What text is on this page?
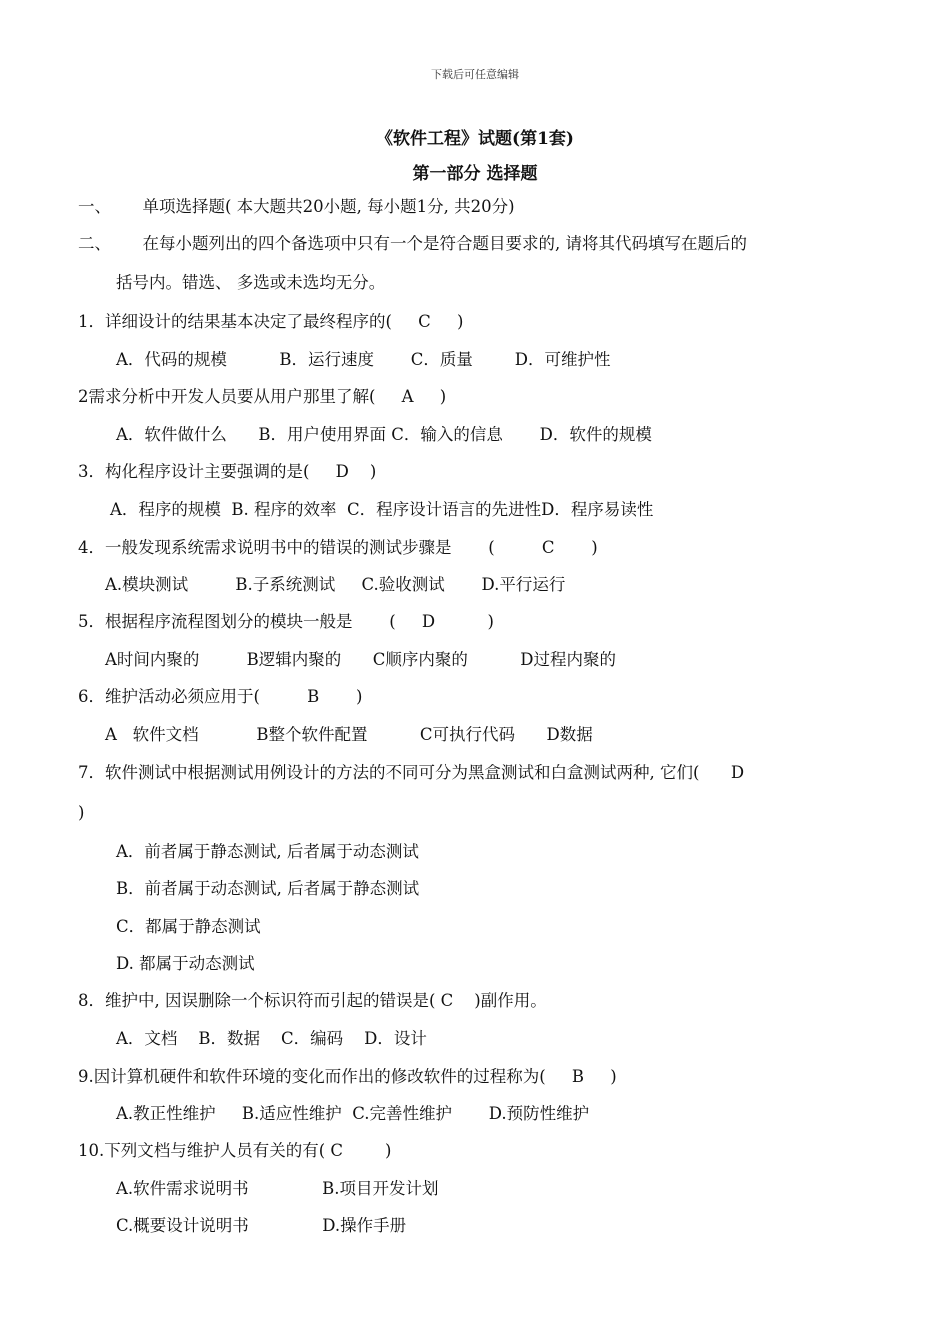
下载后可任意编辑
《软件工程》试题(第1套)
第一部分 选择题
一、      单项选择题( 本大题共20小题, 每小题1分, 共20分)
二、      在每小题列出的四个备选项中只有一个是符合题目要求的, 请将其代码填写在题后的
括号内。错选、 多选或未选均无分。
1．详细设计的结果基本决定了最终程序的(     C     )
A．代码的规模          B．运行速度       C．质量        D．可维护性
2需求分析中开发人员要从用户那里了解(     A     )
A．软件做什么      B．用户使用界面 C．输入的信息       D．软件的规模
3．构化程序设计主要强调的是(     D    )
A．程序的规模  B. 程序的效率  C．程序设计语言的先进性D．程序易读性
4．一般发现系统需求说明书中的错误的测试步骤是       (         C       )
A.模块测试         B.子系统测试     C.验收测试       D.平行运行
5．根据程序流程图划分的模块一般是       (     D          )
A时间内聚的         B逻辑内聚的      C顺序内聚的          D过程内聚的
6．维护活动必须应用于(         B       )
A   软件文档           B整个软件配置          C可执行代码      D数据
7．软件测试中根据测试用例设计的方法的不同可分为黑盒测试和白盒测试两种, 它们(      D
)
A．前者属于静态测试, 后者属于动态测试
B．前者属于动态测试, 后者属于静态测试
C．都属于静态测试
D. 都属于动态测试
8．维护中, 因误删除一个标识符而引起的错误是( C    )副作用。
A．文档    B．数据    C．编码    D．设计
9.因计算机硬件和软件环境的变化而作出的修改软件的过程称为(     B     )
A.教正性维护     B.适应性维护  C.完善性维护       D.预防性维护
10.下列文档与维护人员有关的有( C        )
A.软件需求说明书              B.项目开发计划
C.概要设计说明书              D.操作手册
